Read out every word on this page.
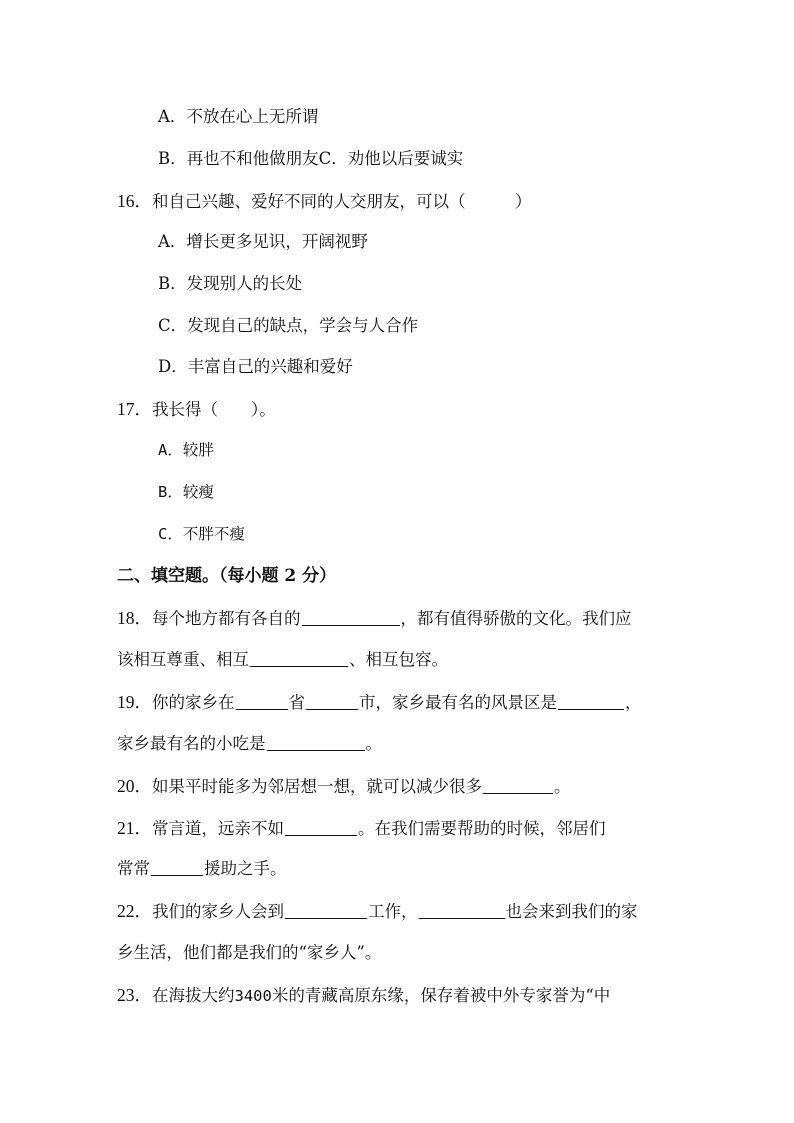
A．不放在心上无所谓
B．再也不和他做朋友C．劝他以后要诚实
16．和自己兴趣、爱好不同的人交朋友，可以（　　　）
A．增长更多见识，开阔视野
B．发现别人的长处
C．发现自己的缺点，学会与人合作
D．丰富自己的兴趣和爱好
17．我长得（　　）。
A．较胖
B．较瘦
C．不胖不瘦
二、填空题。（每小题 2 分）
18．每个地方都有各自的	，都有值得骄傲的文化。我们应
该相互尊重、相互	、相互包容。
19．你的家乡在	省	市，家乡最有名的风景区是	，
家乡最有名的小吃是	。
20．如果平时能多为邻居想一想，就可以减少很多	。
21．常言道，远亲不如	。在我们需要帮助的时候，邻居们
常常	援助之手。
22．我们的家乡人会到	工作，	也会来到我们的家
乡生活，他们都是我们的“家乡人”。
23．在海拔大约3400米的青藏高原东缘，保存着被中外专家誉为“中
